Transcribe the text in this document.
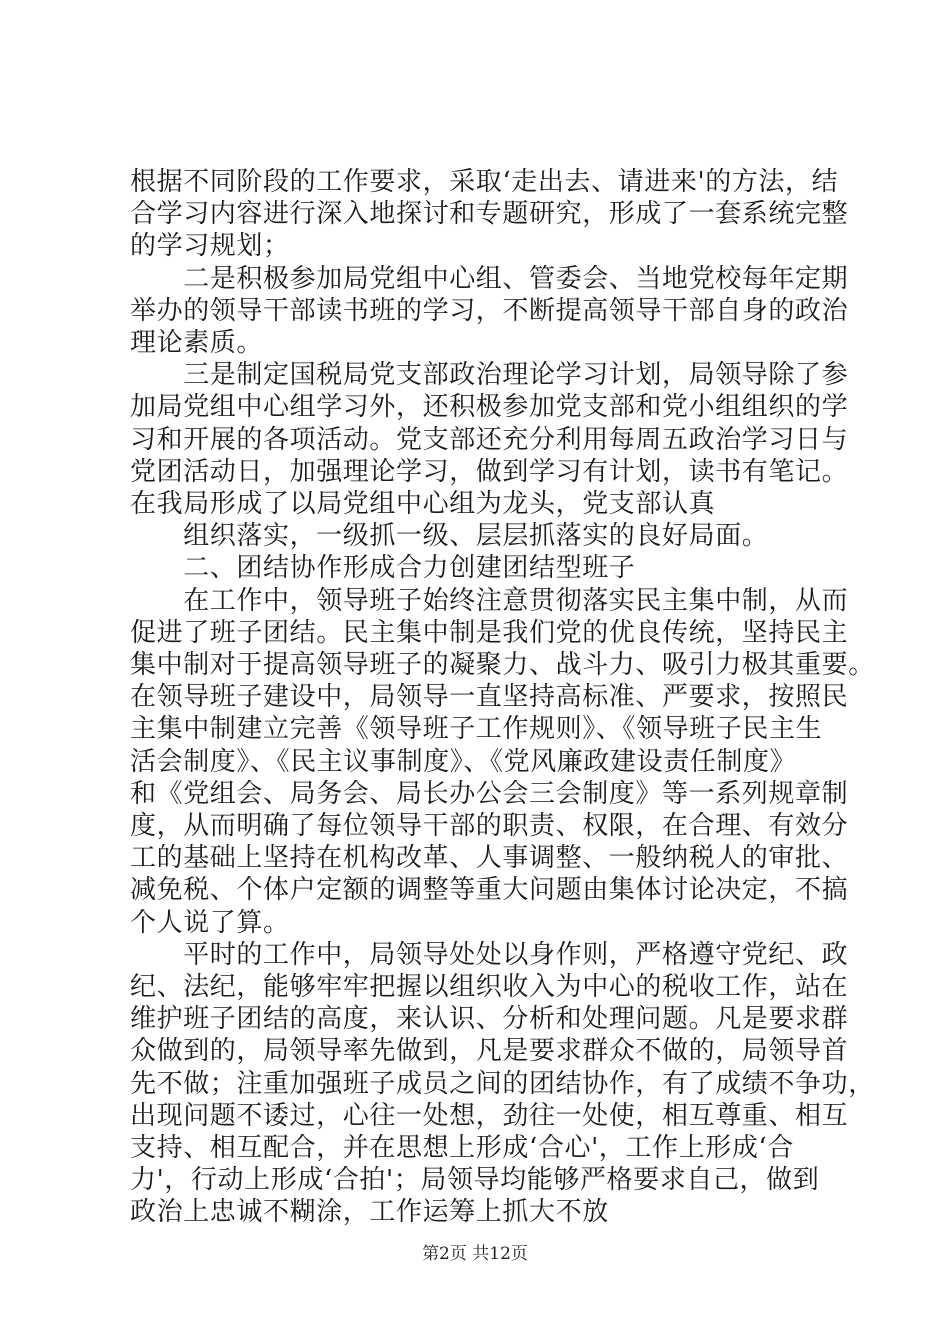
根据不同阶段的工作要求，采取‘走出去、请进来'的方法，结
合学习内容进行深入地探讨和专题研究，形成了一套系统完整
的学习规划；
　　二是积极参加局党组中心组、管委会、当地党校每年定期
举办的领导干部读书班的学习，不断提高领导干部自身的政治
理论素质。
　　三是制定国税局党支部政治理论学习计划，局领导除了参
加局党组中心组学习外，还积极参加党支部和党小组组织的学
习和开展的各项活动。党支部还充分利用每周五政治学习日与
党团活动日，加强理论学习，做到学习有计划，读书有笔记。
在我局形成了以局党组中心组为龙头，党支部认真
　　组织落实，一级抓一级、层层抓落实的良好局面。
　　二、团结协作形成合力创建团结型班子
　　在工作中，领导班子始终注意贯彻落实民主集中制，从而
促进了班子团结。民主集中制是我们党的优良传统，坚持民主
集中制对于提高领导班子的凝聚力、战斗力、吸引力极其重要。
在领导班子建设中，局领导一直坚持高标准、严要求，按照民
主集中制建立完善《领导班子工作规则》、《领导班子民主生
活会制度》、《民主议事制度》、《党风廉政建设责任制度》
和《党组会、局务会、局长办公会三会制度》等一系列规章制
度，从而明确了每位领导干部的职责、权限，在合理、有效分
工的基础上坚持在机构改革、人事调整、一般纳税人的审批、
减免税、个体户定额的调整等重大问题由集体讨论决定，不搞
个人说了算。
　　平时的工作中，局领导处处以身作则，严格遵守党纪、政
纪、法纪，能够牢牢把握以组织收入为中心的税收工作，站在
维护班子团结的高度，来认识、分析和处理问题。凡是要求群
众做到的，局领导率先做到，凡是要求群众不做的，局领导首
先不做；注重加强班子成员之间的团结协作，有了成绩不争功，
出现问题不诿过，心往一处想，劲往一处使，相互尊重、相互
支持、相互配合，并在思想上形成‘合心'，工作上形成‘合
力'，行动上形成‘合拍'；局领导均能够严格要求自己，做到
政治上忠诚不糊涂，工作运筹上抓大不放
第2页 共12页
